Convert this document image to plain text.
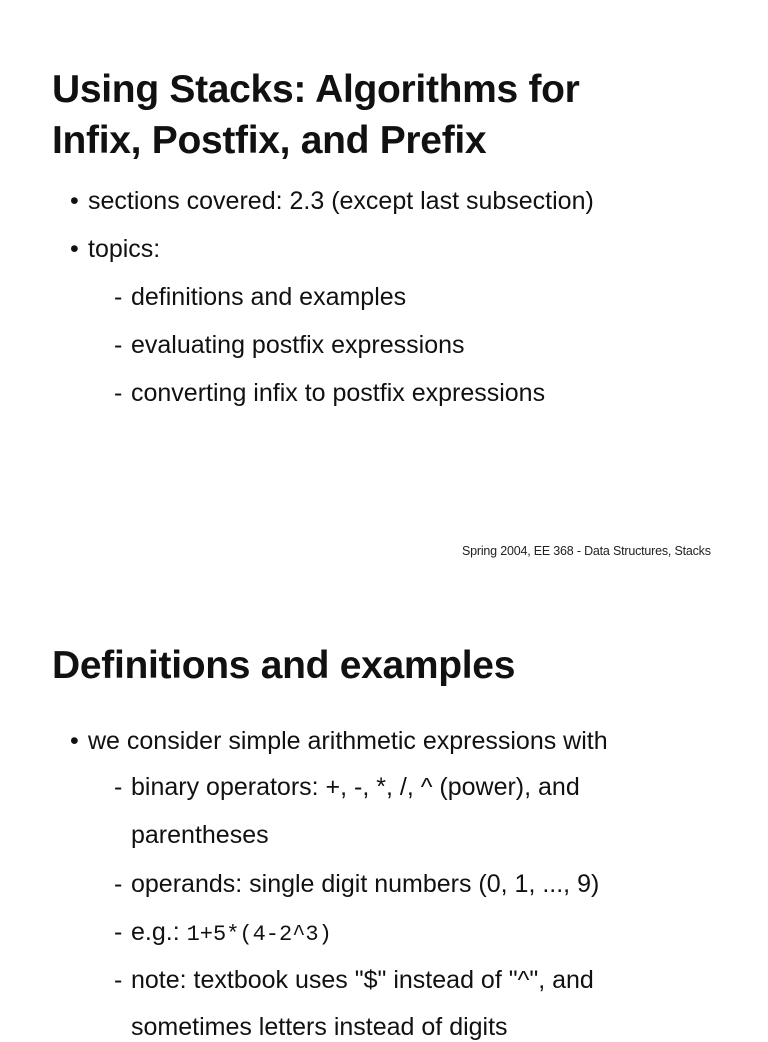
Using Stacks: Algorithms for
Infix, Postfix, and Prefix
• sections covered: 2.3 (except last subsection)
• topics:
- definitions and examples
- evaluating postfix expressions
- converting infix to postfix expressions
Spring 2004, EE 368 - Data Structures, Stacks
Definitions and examples
• we consider simple arithmetic expressions with
- binary operators: +, -, *, /, ^ (power), and
parentheses
- operands: single digit numbers (0, 1, ..., 9)
- e.g.: 1+5*(4-2^3)
- note: textbook uses "$" instead of "^", and
sometimes letters instead of digits
